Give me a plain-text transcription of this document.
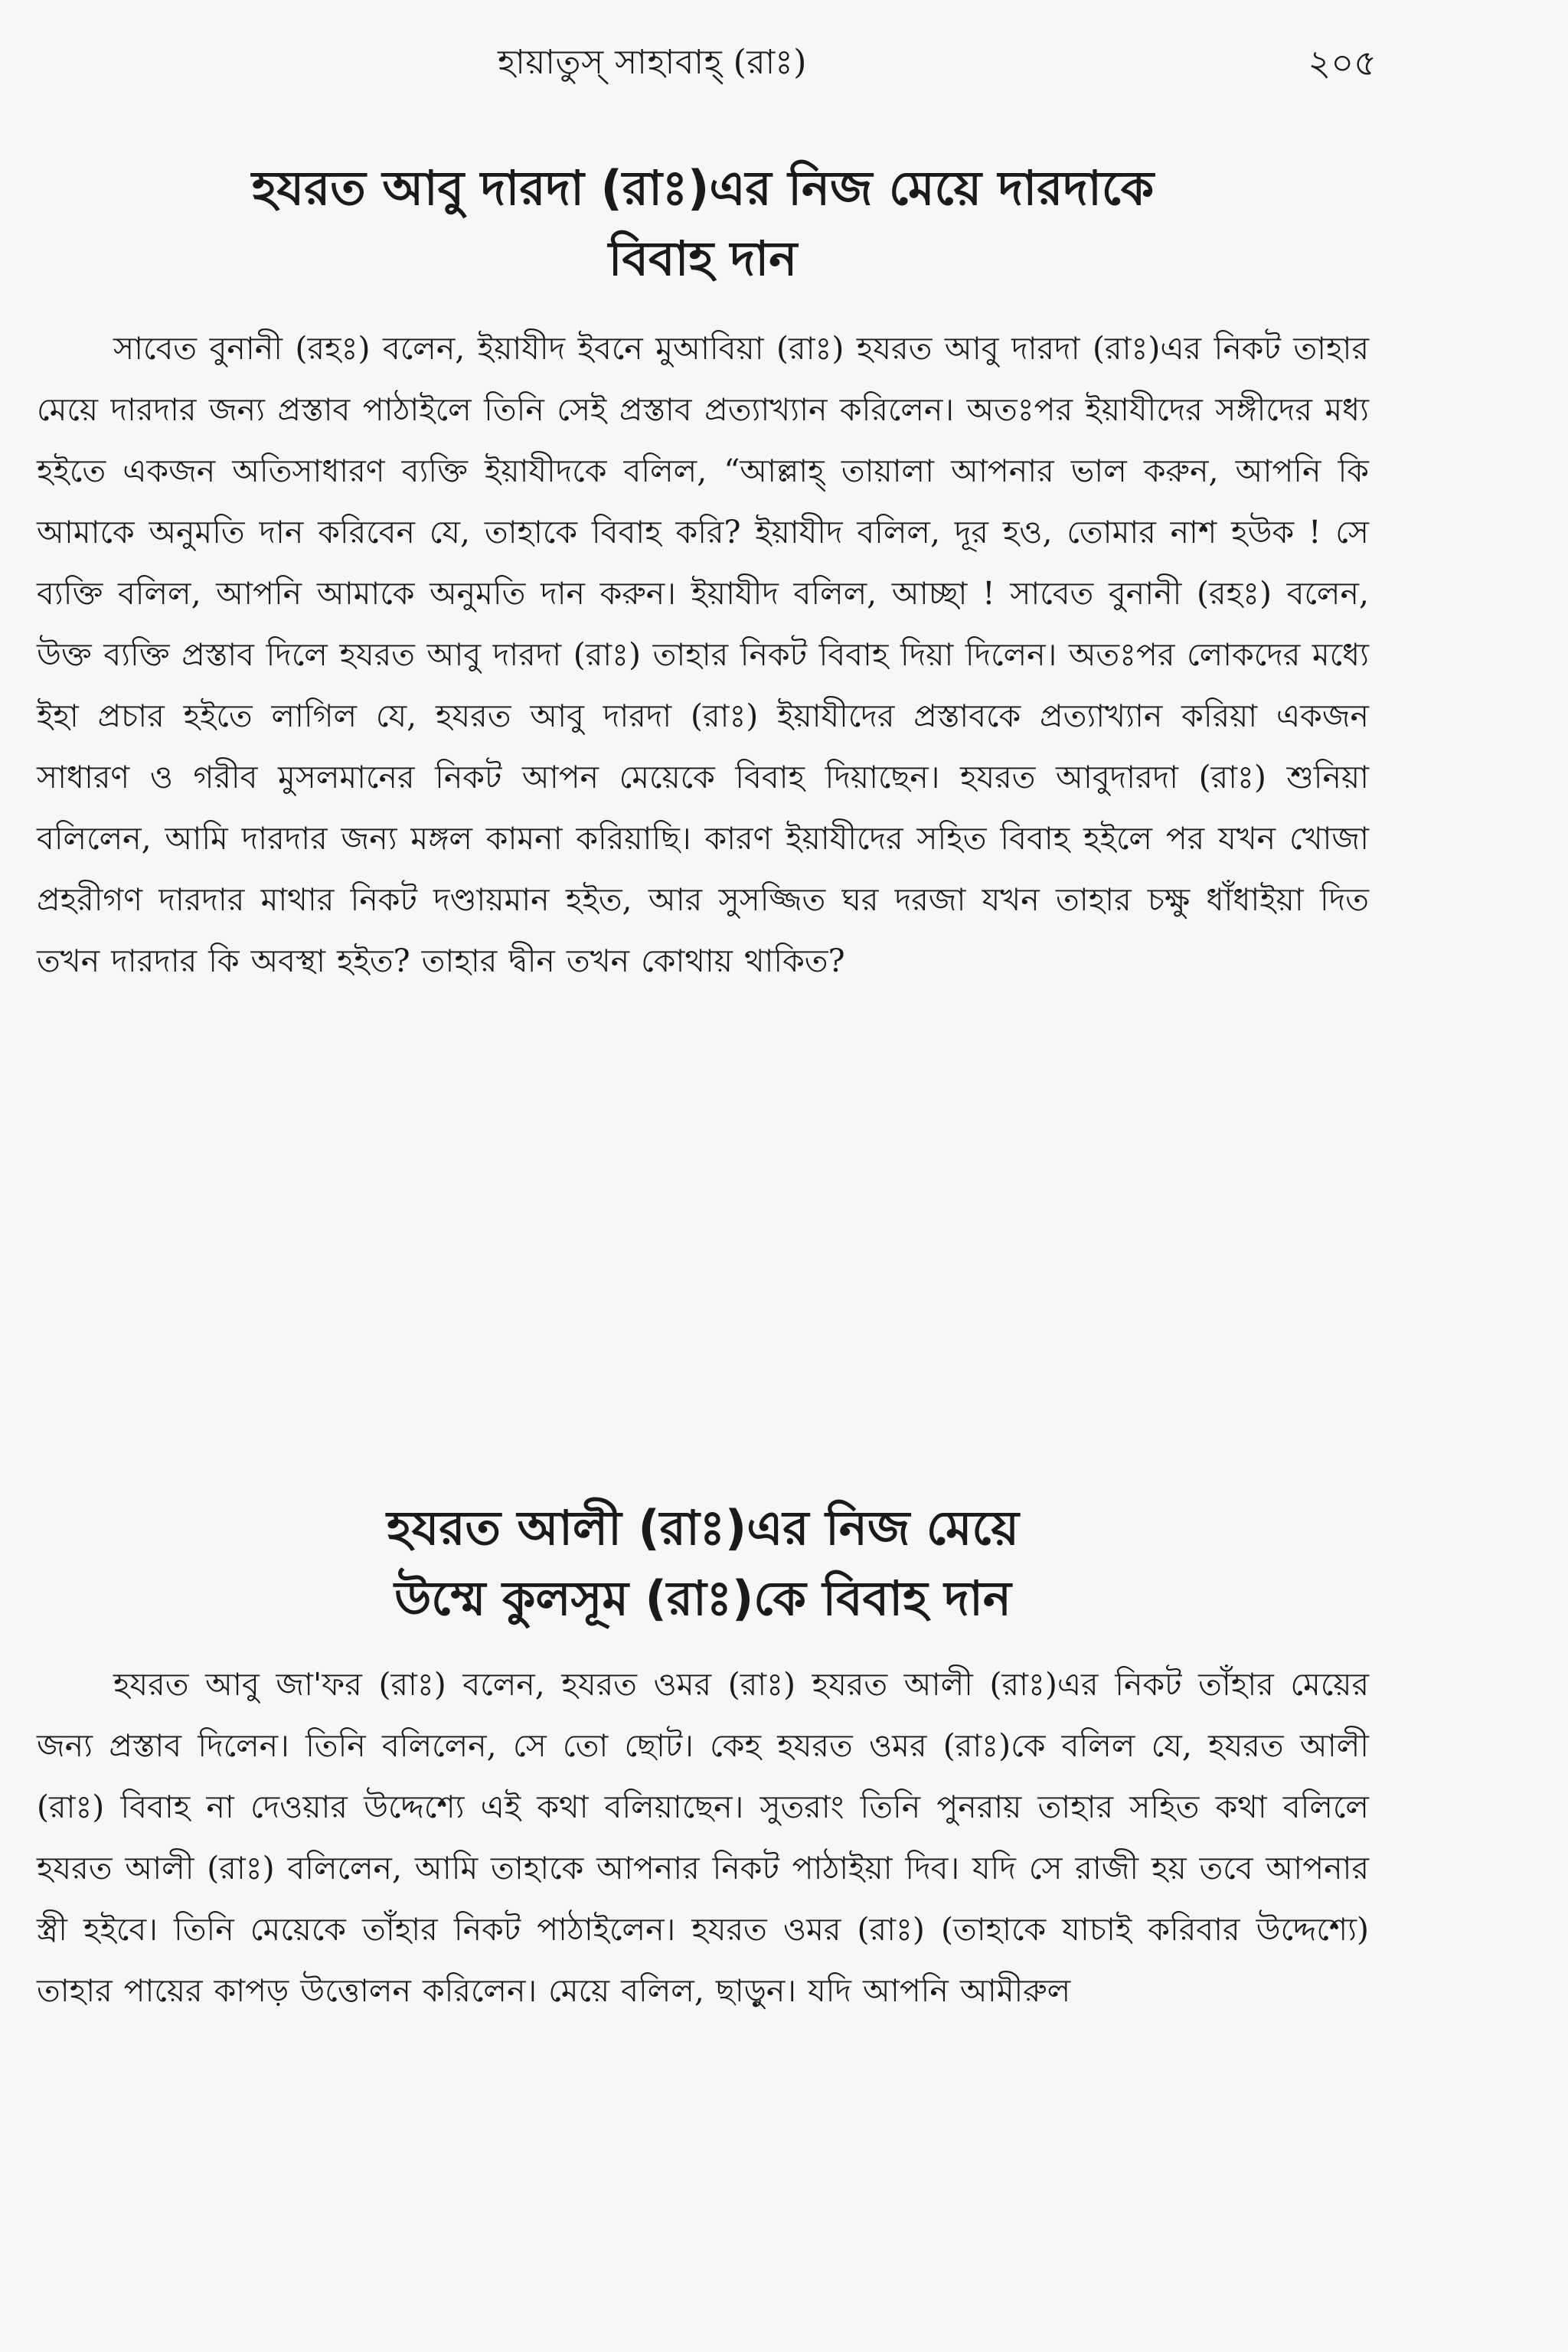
হায়াতুস্ সাহাবাহ্ (রাঃ)	২০৫
হযরত আবু দারদা (রাঃ)এর নিজ মেয়ে দারদাকে
বিবাহ দান

সাবেত বুনানী (রহঃ) বলেন, ইয়াযীদ ইবনে মুআবিয়া (রাঃ) হযরত আবু দারদা (রাঃ)এর নিকট তাহার মেয়ে দারদার জন্য প্রস্তাব পাঠাইলে তিনি সেই প্রস্তাব প্রত্যাখ্যান করিলেন। অতঃপর ইয়াযীদের সঙ্গীদের মধ্য হইতে একজন অতিসাধারণ ব্যক্তি ইয়াযীদকে বলিল, “আল্লাহ্ তায়ালা আপনার ভাল করুন, আপনি কি আমাকে অনুমতি দান করিবেন যে, তাহাকে বিবাহ করি? ইয়াযীদ বলিল, দূর হও, তোমার নাশ হউক ! সে ব্যক্তি বলিল, আপনি আমাকে অনুমতি দান করুন। ইয়াযীদ বলিল, আচ্ছা ! সাবেত বুনানী (রহঃ) বলেন, উক্ত ব্যক্তি প্রস্তাব দিলে হযরত আবু দারদা (রাঃ) তাহার নিকট বিবাহ দিয়া দিলেন। অতঃপর লোকদের মধ্যে ইহা প্রচার হইতে লাগিল যে, হযরত আবু দারদা (রাঃ) ইয়াযীদের প্রস্তাবকে প্রত্যাখ্যান করিয়া একজন সাধারণ ও গরীব মুসলমানের নিকট আপন মেয়েকে বিবাহ দিয়াছেন। হযরত আবুদারদা (রাঃ) শুনিয়া বলিলেন, আমি দারদার জন্য মঙ্গল কামনা করিয়াছি। কারণ ইয়াযীদের সহিত বিবাহ হইলে পর যখন খোজা প্রহরীগণ দারদার মাথার নিকট দণ্ডায়মান হইত, আর সুসজ্জিত ঘর দরজা যখন তাহার চক্ষু ধাঁধাইয়া দিত তখন দারদার কি অবস্থা হইত? তাহার দ্বীন তখন কোথায় থাকিত?

হযরত আলী (রাঃ)এর নিজ মেয়ে
উম্মে কুলসূম (রাঃ)কে বিবাহ দান

হযরত আবু জা'ফর (রাঃ) বলেন, হযরত ওমর (রাঃ) হযরত আলী (রাঃ)এর নিকট তাঁহার মেয়ের জন্য প্রস্তাব দিলেন। তিনি বলিলেন, সে তো ছোট। কেহ হযরত ওমর (রাঃ)কে বলিল যে, হযরত আলী (রাঃ) বিবাহ না দেওয়ার উদ্দেশ্যে এই কথা বলিয়াছেন। সুতরাং তিনি পুনরায় তাহার সহিত কথা বলিলে হযরত আলী (রাঃ) বলিলেন, আমি তাহাকে আপনার নিকট পাঠাইয়া দিব। যদি সে রাজী হয় তবে আপনার স্ত্রী হইবে। তিনি মেয়েকে তাঁহার নিকট পাঠাইলেন। হযরত ওমর (রাঃ) (তাহাকে যাচাই করিবার উদ্দেশ্যে) তাহার পায়ের কাপড় উত্তোলন করিলেন। মেয়ে বলিল, ছাড়ুন। যদি আপনি আমীরুল
